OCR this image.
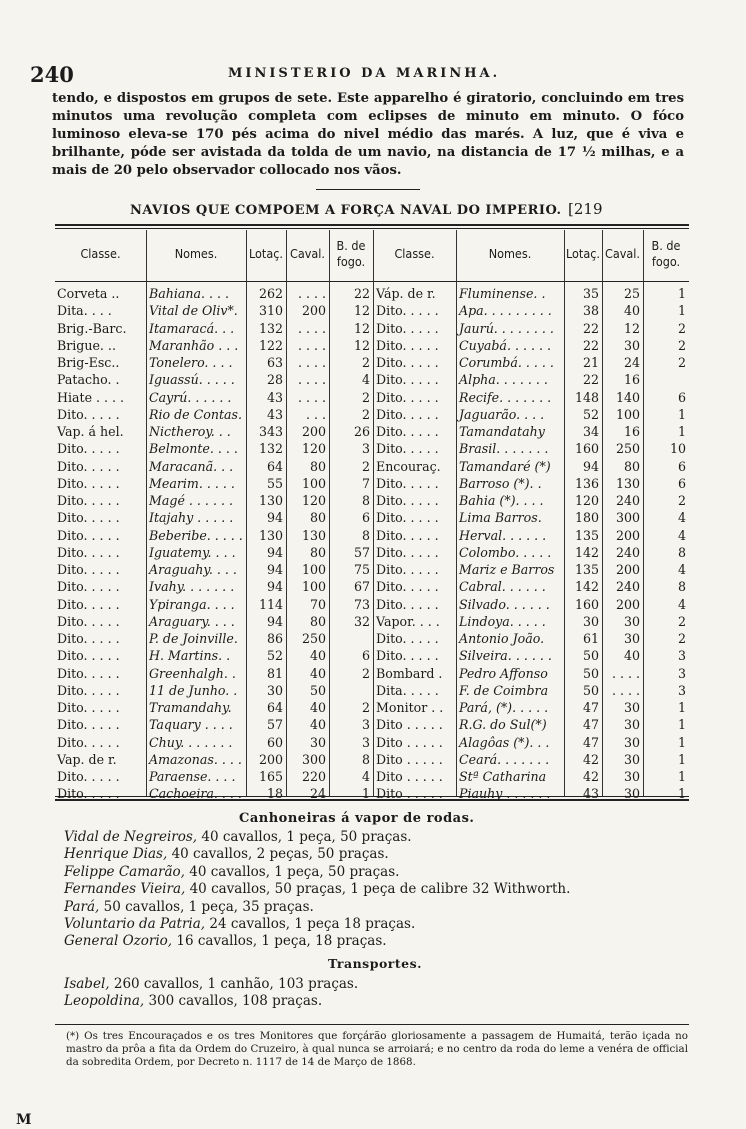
240	MINISTERIO DA MARINHA.

tendo, e dispostos em grupos de sete. Este apparelho é giratorio, concluindo em tres minutos uma revolução completa com eclipses de minuto em minuto. O fóco luminoso eleva-se 170 pés acima do nivel médio das marés. A luz, que é viva e brilhante, póde ser avistada da tolda de um navio, na distancia de 17 ½ milhas, e a mais de 20 pelo observador collocado nos vãos.

NAVIOS QUE COMPOEM A FORÇA NAVAL DO IMPERIO. [219
Classe.	Nomes.	Lotaç. Caval.
B. de
fogo.
Classe.	Nomes.	Lotaç. Caval.
B. de
fogo.
Corveta ..	Bahiana. . . .	262	. . . .	22	Váp. de r.	Fluminense. .	35	25	1
Dita. . . .	Vital de Oliv*.	310	200	12	Dito. . . . .	Apa. . . . . . . . .	38	40	1
Brig.-Barc.	Itamaracá. . .	132	. . . .	12	Dito. . . . .	Jaurú. . . . . . . .	22	12	2
Brigue. ..	Maranhão . . .	122	. . . .	12	Dito. . . . .	Cuyabá. . . . . .	22	30	2
Brig-Esc..	Tonelero. . . .	63	. . . .	2	Dito. . . . .	Corumbá. . . . .	21	24	2
Patacho. .	Iguassú. . . . .	28	. . . .	4	Dito. . . . .	Alpha. . . . . . .	22	16	
Hiate . . . .	Cayrú. . . . . .	43	. . . .	2	Dito. . . . .	Recife. . . . . . .	148	140	6
Dito. . . . .	Rio de Contas.	43	. . .	2	Dito. . . . .	Jaguarão. . . .	52	100	1
Vap. á hel.	Nictheroy. . .	343	200	26	Dito. . . . .	Tamandatahy	34	16	1
Dito. . . . .	Belmonte. . . .	132	120	3	Dito. . . . .	Brasil. . . . . . .	160	250	10
Dito. . . . .	Maracanã. . .	64	80	2	Encouraç.	Tamandaré (*)	94	80	6
Dito. . . . .	Mearim. . . . .	55	100	7	Dito. . . . .	Barroso (*). .	136	130	6
Dito. . . . .	Magé . . . . . .	130	120	8	Dito. . . . .	Bahia (*). . . .	120	240	2
Dito. . . . .	Itajahy . . . . .	94	80	6	Dito. . . . .	Lima Barros.	180	300	4
Dito. . . . .	Beberibe. . . . .	130	130	8	Dito. . . . .	Herval. . . . . .	135	200	4
Dito. . . . .	Iguatemy. . . .	94	80	57	Dito. . . . .	Colombo. . . . .	142	240	8
Dito. . . . .	Araguahy. . . .	94	100	75	Dito. . . . .	Mariz e Barros	135	200	4
Dito. . . . .	Ivahy. . . . . . .	94	100	67	Dito. . . . .	Cabral. . . . . .	142	240	8
Dito. . . . .	Ypiranga. . . .	114	70	73	Dito. . . . .	Silvado. . . . . .	160	200	4
Dito. . . . .	Araguary. . . .	94	80	32	Vapor. . . .	Lindoya. . . . .	30	30	2
Dito. . . . .	P. de Joinville.	86	250		Dito. . . . .	Antonio João.	61	30	2
Dito. . . . .	H. Martins. .	52	40	6	Dito. . . . .	Silveira. . . . . .	50	40	3
Dito. . . . .	Greenhalgh. .	81	40	2	Bombard .	Pedro Affonso	50	. . . .	3
Dito. . . . .	11 de Junho. .	30	50		Dita. . . . .	F. de Coimbra	50	. . . .	3
Dito. . . . .	Tramandahy.	64	40	2	Monitor . .	Pará, (*). . . . .	47	30	1
Dito. . . . .	Taquary . . . .	57	40	3	Dito . . . . .	R.G. do Sul(*)	47	30	1
Dito. . . . .	Chuy. . . . . . .	60	30	3	Dito . . . . .	Alagôas (*). . .	47	30	1
Vap. de r.	Amazonas. . . .	200	300	8	Dito . . . . .	Ceará. . . . . . .	42	30	1
Dito. . . . .	Paraense. . . .	165	220	4	Dito . . . . .	Stª Catharina	42	30	1
Dito. . . . .	Cachoeira. . . .	18	24	1	Dito . . . . .	Piauhy . . . . . .	43	30	1
Canhoneiras á vapor de rodas.
Vidal de Negreiros, 40 cavallos, 1 peça, 50 praças.
Henrique Dias, 40 cavallos, 2 peças, 50 praças.
Felippe Camarão, 40 cavallos, 1 peça, 50 praças.
Fernandes Vieira, 40 cavallos, 50 praças, 1 peça de calibre 32 Withworth.
Pará, 50 cavallos, 1 peça, 35 praças.
Voluntario da Patria, 24 cavallos, 1 peça 18 praças.
General Ozorio, 16 cavallos, 1 peça, 18 praças.
Transportes.
Isabel, 260 cavallos, 1 canhão, 103 praças.
Leopoldina, 300 cavallos, 108 praças.

(*) Os tres Encouraçados e os tres Monitores que forçárão gloriosamente a passagem de Humaitá, terão içada no mastro da prôa a fita da Ordem do Cruzeiro, à qual nunca se arroiará; e no centro da roda do leme a venéra de official da sobredita Ordem, por Decreto n. 1117 de 14 de Março de 1868.

M
